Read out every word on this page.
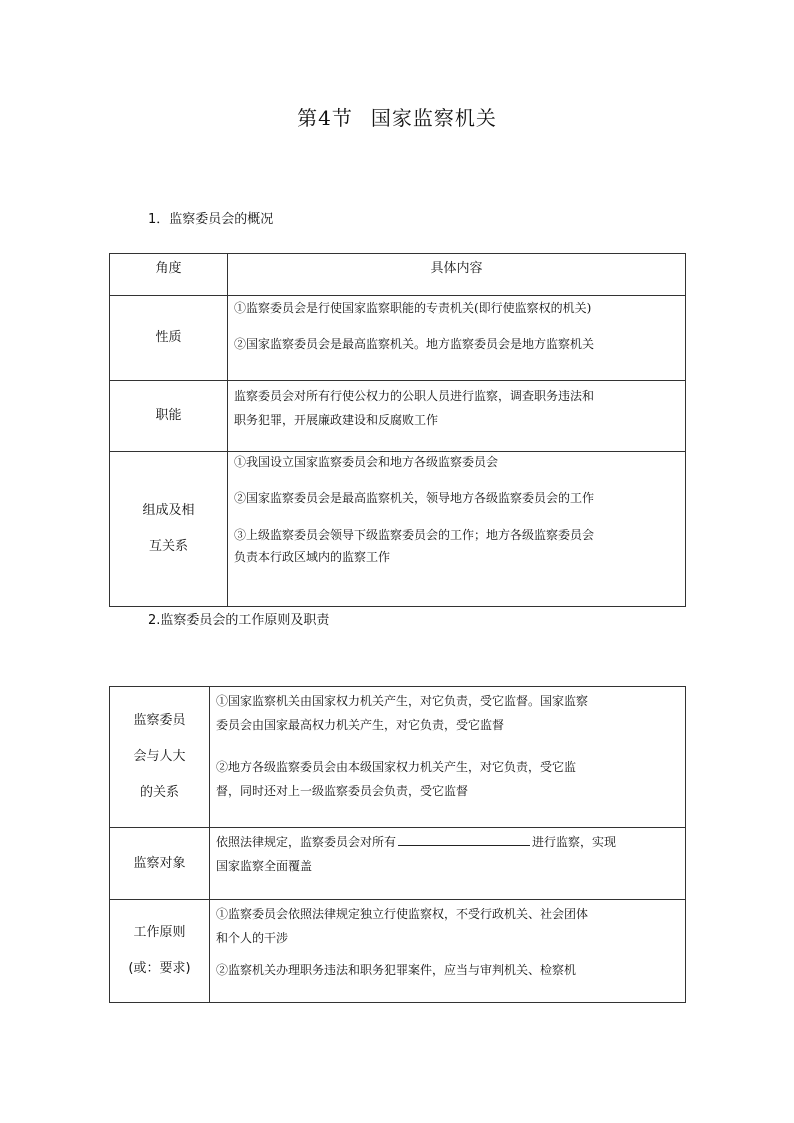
第4节 国家监察机关
1．监察委员会的概况
角度	具体内容
性质	①监察委员会是行使国家监察职能的专责机关(即行使监察权的机关)
②国家监察委员会是最高监察机关。地方监察委员会是地方监察机关

职能	监察委员会对所有行使公权力的公职人员进行监察，调查职务违法和
职务犯罪，开展廉政建设和反腐败工作

组成及相
互关系	①我国设立国家监察委员会和地方各级监察委员会
②国家监察委员会是最高监察机关，领导地方各级监察委员会的工作
③上级监察委员会领导下级监察委员会的工作；地方各级监察委员会
负责本行政区域内的监察工作
2.监察委员会的工作原则及职责
监察委员
会与人大
的关系	①国家监察机关由国家权力机关产生，对它负责，受它监督。国家监察
委员会由国家最高权力机关产生，对它负责，受它监督
②地方各级监察委员会由本级国家权力机关产生，对它负责，受它监
督，同时还对上一级监察委员会负责，受它监督

监察对象	依照法律规定，监察委员会对所有 进行监察，实现
国家监察全面覆盖

工作原则
(或：要求)	①监察委员会依照法律规定独立行使监察权，不受行政机关、社会团体
和个人的干涉
②监察机关办理职务违法和职务犯罪案件，应当与审判机关、检察机
